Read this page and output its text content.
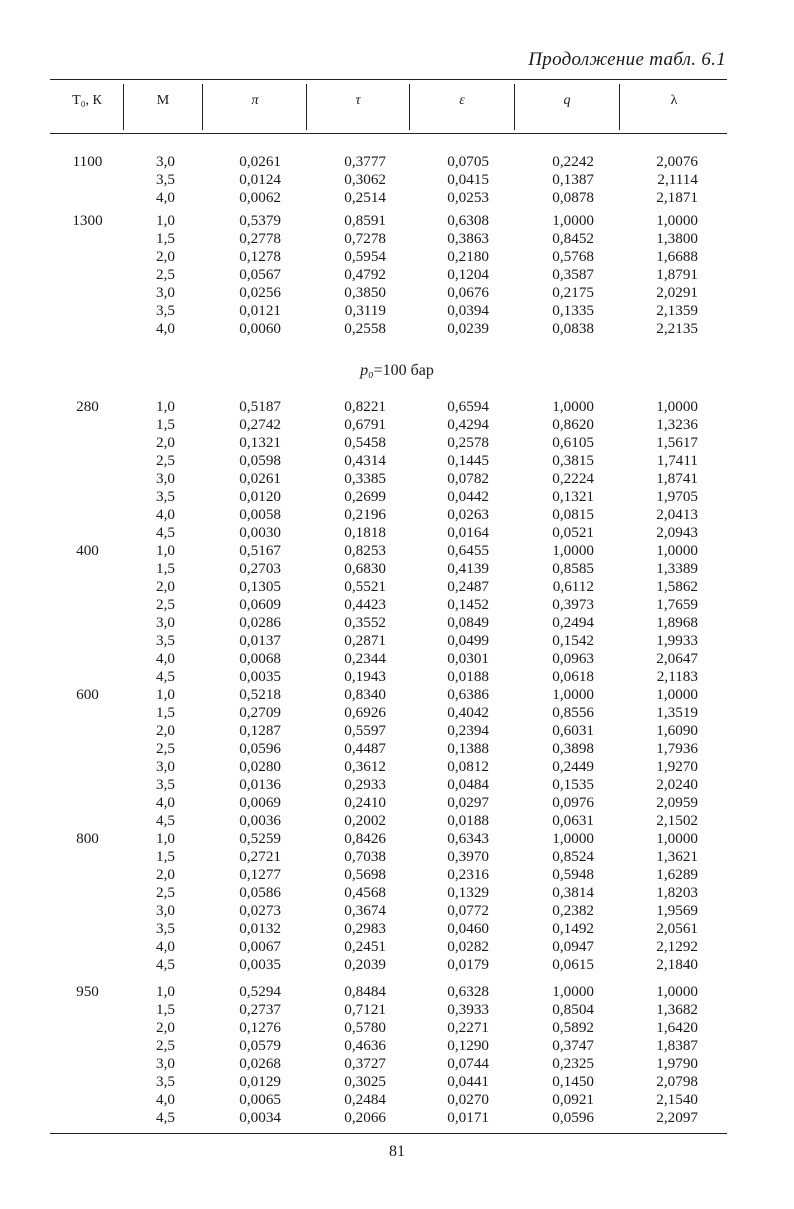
Продолжение табл. 6.1
T₀, К	М	π	τ	ε	q	λ
1100	3,0	0,0261	0,3777	0,0705	0,2242	2,0076
3,5	0,0124	0,3062	0,0415	0,1387	2,1114
4,0	0,0062	0,2514	0,0253	0,0878	2,1871
1300	1,0	0,5379	0,8591	0,6308	1,0000	1,0000
1,5	0,2778	0,7278	0,3863	0,8452	1,3800
2,0	0,1278	0,5954	0,2180	0,5768	1,6688
2,5	0,0567	0,4792	0,1204	0,3587	1,8791
3,0	0,0256	0,3850	0,0676	0,2175	2,0291
3,5	0,0121	0,3119	0,0394	0,1335	2,1359
4,0	0,0060	0,2558	0,0239	0,0838	2,2135
280	1,0	0,5187	0,8221	0,6594	1,0000	1,0000
1,5	0,2742	0,6791	0,4294	0,8620	1,3236
2,0	0,1321	0,5458	0,2578	0,6105	1,5617
2,5	0,0598	0,4314	0,1445	0,3815	1,7411
3,0	0,0261	0,3385	0,0782	0,2224	1,8741
3,5	0,0120	0,2699	0,0442	0,1321	1,9705
4,0	0,0058	0,2196	0,0263	0,0815	2,0413
4,5	0,0030	0,1818	0,0164	0,0521	2,0943
400	1,0	0,5167	0,8253	0,6455	1,0000	1,0000
1,5	0,2703	0,6830	0,4139	0,8585	1,3389
2,0	0,1305	0,5521	0,2487	0,6112	1,5862
2,5	0,0609	0,4423	0,1452	0,3973	1,7659
3,0	0,0286	0,3552	0,0849	0,2494	1,8968
3,5	0,0137	0,2871	0,0499	0,1542	1,9933
4,0	0,0068	0,2344	0,0301	0,0963	2,0647
4,5	0,0035	0,1943	0,0188	0,0618	2,1183
600	1,0	0,5218	0,8340	0,6386	1,0000	1,0000
1,5	0,2709	0,6926	0,4042	0,8556	1,3519
2,0	0,1287	0,5597	0,2394	0,6031	1,6090
2,5	0,0596	0,4487	0,1388	0,3898	1,7936
3,0	0,0280	0,3612	0,0812	0,2449	1,9270
3,5	0,0136	0,2933	0,0484	0,1535	2,0240
4,0	0,0069	0,2410	0,0297	0,0976	2,0959
4,5	0,0036	0,2002	0,0188	0,0631	2,1502
800	1,0	0,5259	0,8426	0,6343	1,0000	1,0000
1,5	0,2721	0,7038	0,3970	0,8524	1,3621
2,0	0,1277	0,5698	0,2316	0,5948	1,6289
2,5	0,0586	0,4568	0,1329	0,3814	1,8203
3,0	0,0273	0,3674	0,0772	0,2382	1,9569
3,5	0,0132	0,2983	0,0460	0,1492	2,0561
4,0	0,0067	0,2451	0,0282	0,0947	2,1292
4,5	0,0035	0,2039	0,0179	0,0615	2,1840
950	1,0	0,5294	0,8484	0,6328	1,0000	1,0000
1,5	0,2737	0,7121	0,3933	0,8504	1,3682
2,0	0,1276	0,5780	0,2271	0,5892	1,6420
2,5	0,0579	0,4636	0,1290	0,3747	1,8387
3,0	0,0268	0,3727	0,0744	0,2325	1,9790
3,5	0,0129	0,3025	0,0441	0,1450	2,0798
4,0	0,0065	0,2484	0,0270	0,0921	2,1540
4,5	0,0034	0,2066	0,0171	0,0596	2,2097
p₀=100 бар
81
